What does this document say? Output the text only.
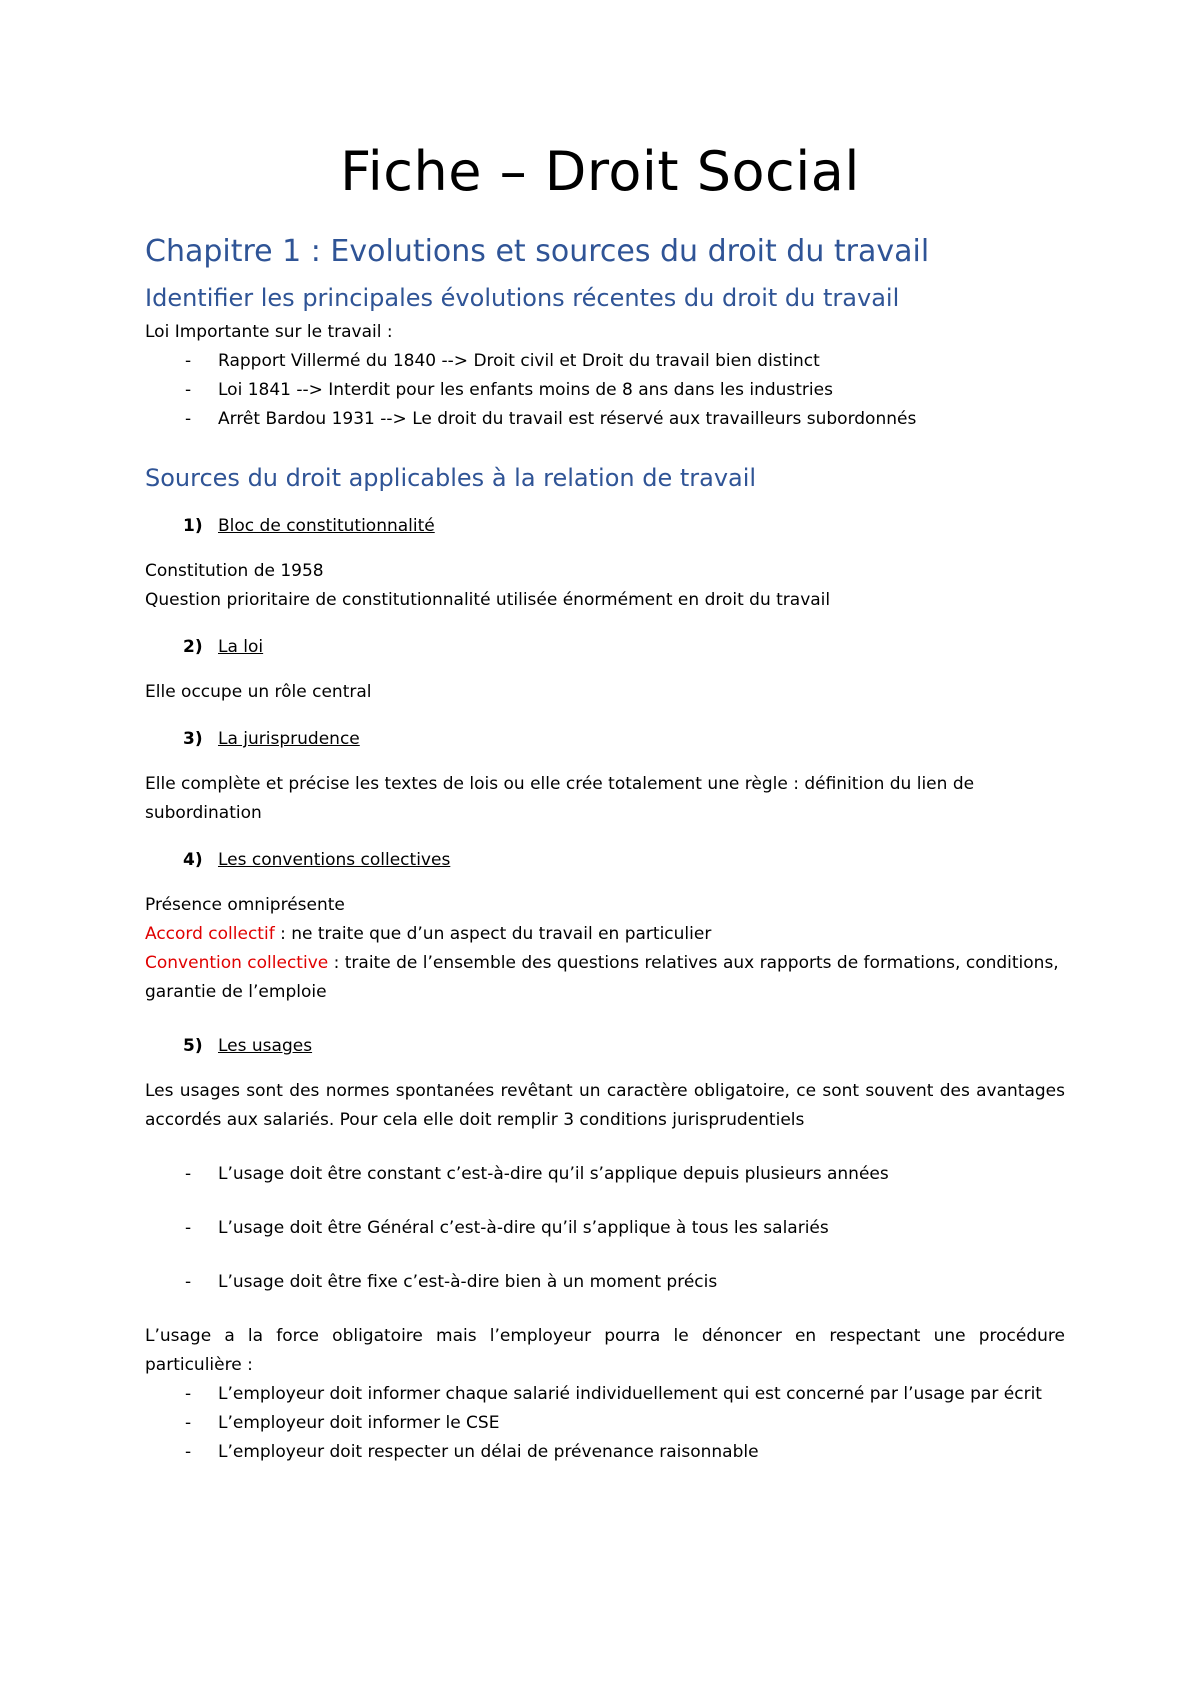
Fiche – Droit Social
Chapitre 1 : Evolutions et sources du droit du travail
Identifier les principales évolutions récentes du droit du travail

Loi Importante sur le travail :

- Rapport Villermé du 1840 --> Droit civil et Droit du travail bien distinct
- Loi 1841 --> Interdit pour les enfants moins de 8 ans dans les industries
- Arrêt Bardou 1931 --> Le droit du travail est réservé aux travailleurs subordonnés
Sources du droit applicables à la relation de travail
1) Bloc de constitutionnalité

Constitution de 1958

Question prioritaire de constitutionnalité utilisée énormément en droit du travail

2) La loi

Elle occupe un rôle central

3) La jurisprudence

Elle complète et précise les textes de lois ou elle crée totalement une règle : définition du lien de subordination

4) Les conventions collectives

Présence omniprésente

Accord collectif : ne traite que d’un aspect du travail en particulier

Convention collective : traite de l’ensemble des questions relatives aux rapports de formations, conditions, garantie de l’emploie

5) Les usages

Les usages sont des normes spontanées revêtant un caractère obligatoire, ce sont souvent des avantages accordés aux salariés. Pour cela elle doit remplir 3 conditions jurisprudentiels

- L’usage doit être constant c’est-à-dire qu’il s’applique depuis plusieurs années
- L’usage doit être Général c’est-à-dire qu’il s’applique à tous les salariés
- L’usage doit être fixe c’est-à-dire bien à un moment précis

L’usage a la force obligatoire mais l’employeur pourra le dénoncer en respectant une procédure particulière :

- L’employeur doit informer chaque salarié individuellement qui est concerné par l’usage par écrit
- L’employeur doit informer le CSE
- L’employeur doit respecter un délai de prévenance raisonnable
